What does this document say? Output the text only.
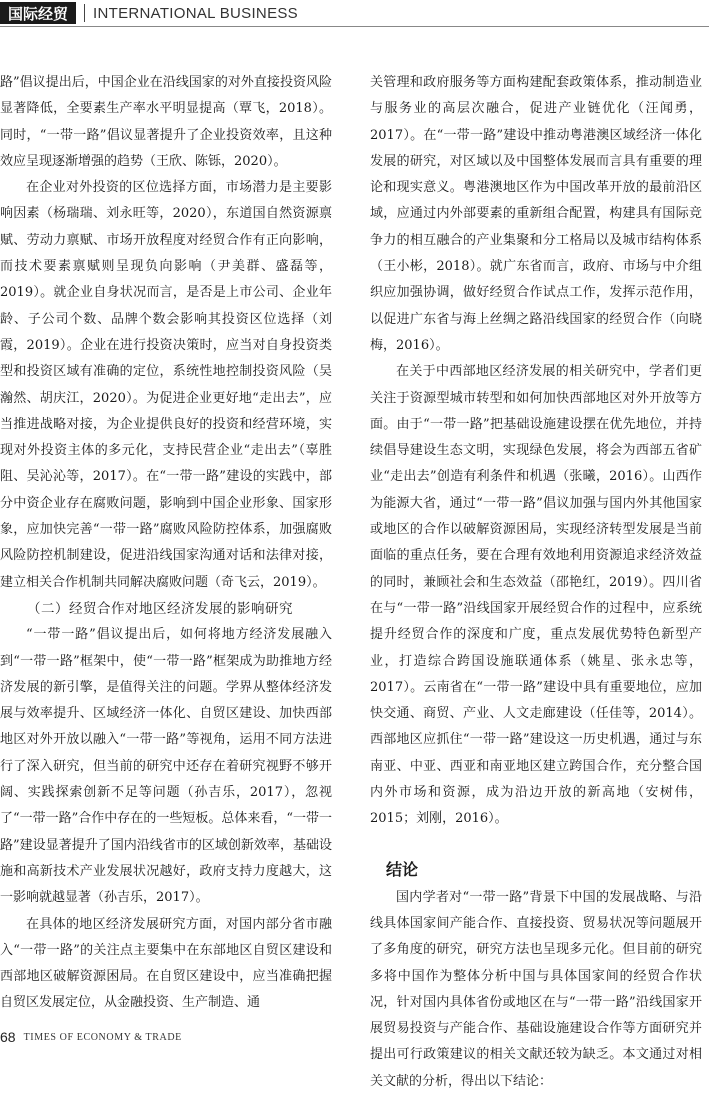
国际经贸	INTERNATIONAL BUSINESS

路”倡议提出后，中国企业在沿线国家的对外直接投资风险显著降低，全要素生产率水平明显提高（覃飞，2018）。同时，“一带一路”倡议显著提升了企业投资效率，且这种效应呈现逐渐增强的趋势（王欣、陈铄，2020）。

在企业对外投资的区位选择方面，市场潜力是主要影响因素（杨瑞瑞、刘永旺等，2020），东道国自然资源禀赋、劳动力禀赋、市场开放程度对经贸合作有正向影响，而技术要素禀赋则呈现负向影响（尹美群、盛磊等，2019）。就企业自身状况而言，是否是上市公司、企业年龄、子公司个数、品牌个数会影响其投资区位选择（刘霞，2019）。企业在进行投资决策时，应当对自身投资类型和投资区域有准确的定位，系统性地控制投资风险（吴瀚然、胡庆江，2020）。为促进企业更好地“走出去”，应当推进战略对接，为企业提供良好的投资和经营环境，实现对外投资主体的多元化，支持民营企业“走出去”（辜胜阻、吴沁沁等，2017）。在“一带一路”建设的实践中，部分中资企业存在腐败问题，影响到中国企业形象、国家形象，应加快完善“一带一路”腐败风险防控体系，加强腐败风险防控机制建设，促进沿线国家沟通对话和法律对接，建立相关合作机制共同解决腐败问题（奇飞云，2019）。

（二）经贸合作对地区经济发展的影响研究

“一带一路”倡议提出后，如何将地方经济发展融入到“一带一路”框架中，使“一带一路”框架成为助推地方经济发展的新引擎，是值得关注的问题。学界从整体经济发展与效率提升、区域经济一体化、自贸区建设、加快西部地区对外开放以融入“一带一路”等视角，运用不同方法进行了深入研究，但当前的研究中还存在着研究视野不够开阔、实践探索创新不足等问题（孙吉乐，2017），忽视了“一带一路”合作中存在的一些短板。总体来看，“一带一路”建设显著提升了国内沿线省市的区域创新效率，基础设施和高新技术产业发展状况越好，政府支持力度越大，这一影响就越显著（孙吉乐，2017）。

在具体的地区经济发展研究方面，对国内部分省市融入“一带一路”的关注点主要集中在东部地区自贸区建设和西部地区破解资源困局。在自贸区建设中，应当准确把握自贸区发展定位，从金融投资、生产制造、通

关管理和政府服务等方面构建配套政策体系，推动制造业与服务业的高层次融合，促进产业链优化（汪闻勇，2017）。在“一带一路”建设中推动粤港澳区域经济一体化发展的研究，对区域以及中国整体发展而言具有重要的理论和现实意义。粤港澳地区作为中国改革开放的最前沿区域，应通过内外部要素的重新组合配置，构建具有国际竞争力的相互融合的产业集聚和分工格局以及城市结构体系（王小彬，2018）。就广东省而言，政府、市场与中介组织应加强协调，做好经贸合作试点工作，发挥示范作用，以促进广东省与海上丝绸之路沿线国家的经贸合作（向晓梅，2016）。

在关于中西部地区经济发展的相关研究中，学者们更关注于资源型城市转型和如何加快西部地区对外开放等方面。由于“一带一路”把基础设施建设摆在优先地位，并持续倡导建设生态文明，实现绿色发展，将会为西部五省矿业“走出去”创造有利条件和机遇（张曦，2016）。山西作为能源大省，通过“一带一路”倡议加强与国内外其他国家或地区的合作以破解资源困局，实现经济转型发展是当前面临的重点任务，要在合理有效地利用资源追求经济效益的同时，兼顾社会和生态效益（邵艳红，2019）。四川省在与“一带一路”沿线国家开展经贸合作的过程中，应系统提升经贸合作的深度和广度，重点发展优势特色新型产业，打造综合跨国设施联通体系（姚星、张永忠等，2017）。云南省在“一带一路”建设中具有重要地位，应加快交通、商贸、产业、人文走廊建设（任佳等，2014）。西部地区应抓住“一带一路”建设这一历史机遇，通过与东南亚、中亚、西亚和南亚地区建立跨国合作，充分整合国内外市场和资源，成为沿边开放的新高地（安树伟，2015；刘刚，2016）。

结论

国内学者对“一带一路”背景下中国的发展战略、与沿线具体国家间产能合作、直接投资、贸易状况等问题展开了多角度的研究，研究方法也呈现多元化。但目前的研究多将中国作为整体分析中国与具体国家间的经贸合作状况，针对国内具体省份或地区在与“一带一路”沿线国家开展贸易投资与产能合作、基础设施建设合作等方面研究并提出可行政策建议的相关文献还较为缺乏。本文通过对相关文献的分析，得出以下结论：

68 TIMES OF ECONOMY & TRADE
